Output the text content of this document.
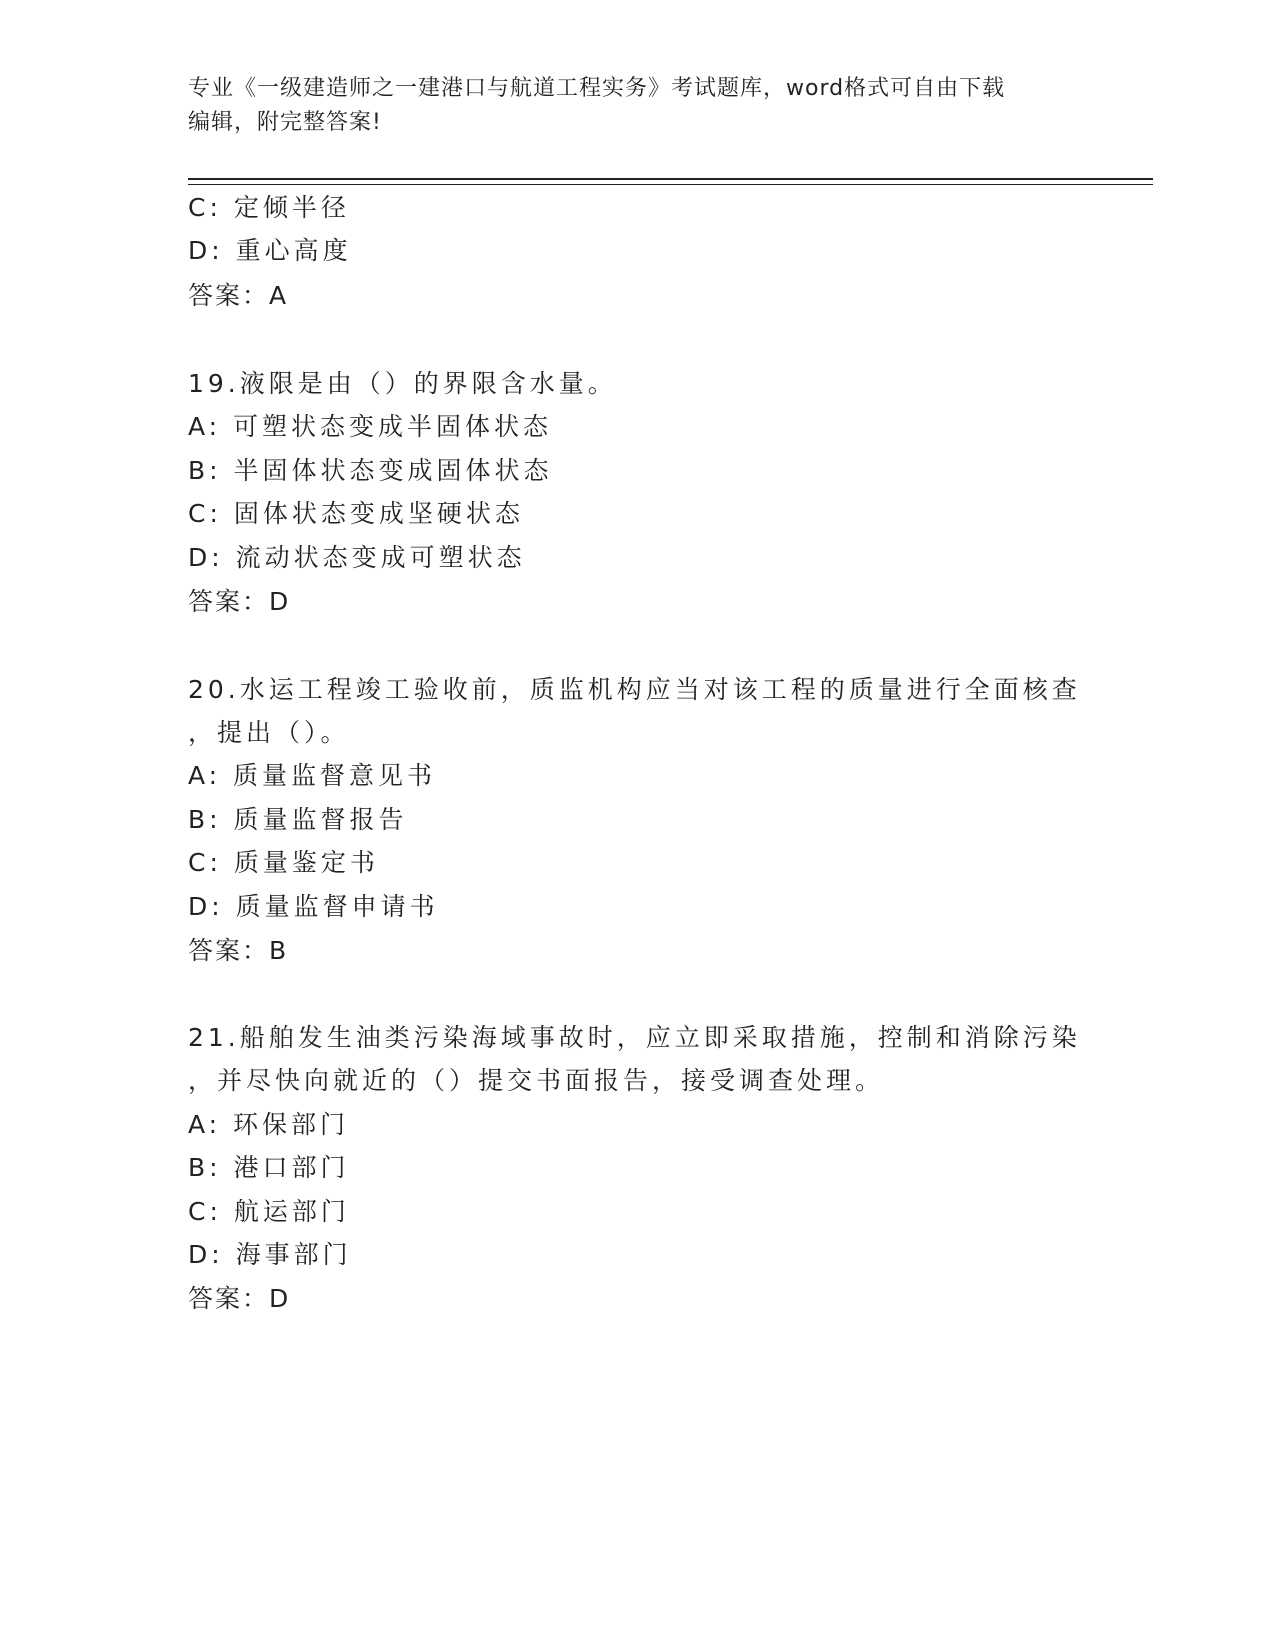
专业《一级建造师之一建港口与航道工程实务》考试题库，word格式可自由下载
编辑，附完整答案!
C: 定倾半径
D: 重心高度
答案：A
19.液限是由（）的界限含水量。
A: 可塑状态变成半固体状态
B: 半固体状态变成固体状态
C: 固体状态变成坚硬状态
D: 流动状态变成可塑状态
答案：D
20.水运工程竣工验收前，质监机构应当对该工程的质量进行全面核查
，提出（）。
A: 质量监督意见书
B: 质量监督报告
C: 质量鉴定书
D: 质量监督申请书
答案：B
21.船舶发生油类污染海域事故时，应立即采取措施，控制和消除污染
，并尽快向就近的（）提交书面报告，接受调查处理。
A: 环保部门
B: 港口部门
C: 航运部门
D: 海事部门
答案：D
